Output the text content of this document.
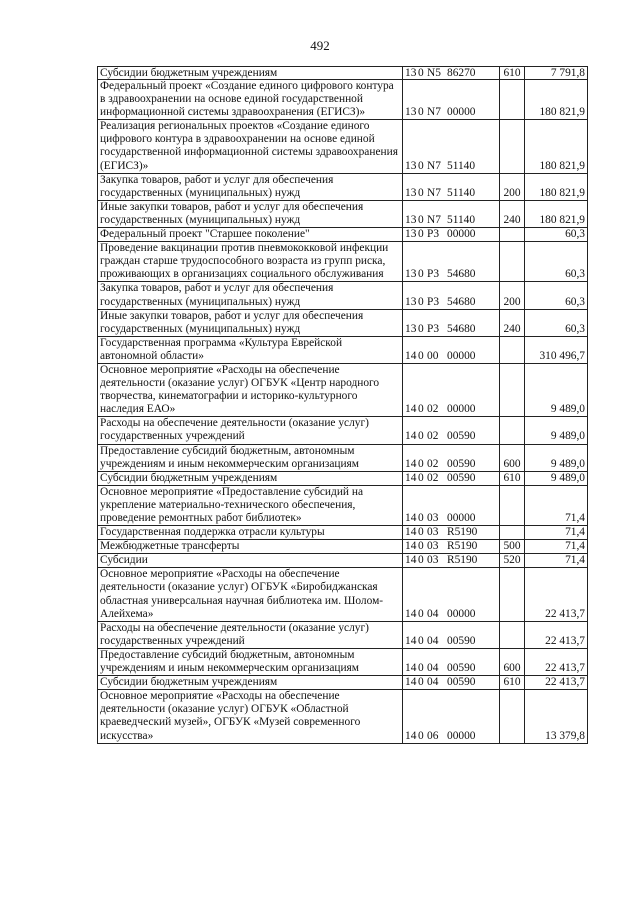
492
Субсидии бюджетным учреждениям	13 0 N5 86270	610	7 791,8
Федеральный проект «Создание единого цифрового контура в здравоохранении на основе единой государственной информационной системы здравоохранения (ЕГИСЗ)»	13 0 N7 00000		180 821,9
Реализация региональных проектов «Создание единого цифрового контура в здравоохранении на основе единой государственной информационной системы здравоохранения (ЕГИСЗ)»	13 0 N7 51140		180 821,9
Закупка товаров, работ и услуг для обеспечения государственных (муниципальных) нужд	13 0 N7 51140	200	180 821,9
Иные закупки товаров, работ и услуг для обеспечения государственных (муниципальных) нужд	13 0 N7 51140	240	180 821,9
Федеральный проект "Старшее поколение"	13 0 P3 00000		60,3
Проведение вакцинации против пневмококковой инфекции граждан старше трудоспособного возраста из групп риска, проживающих в организациях социального обслуживания	13 0 P3 54680		60,3
Закупка товаров, работ и услуг для обеспечения государственных (муниципальных) нужд	13 0 P3 54680	200	60,3
Иные закупки товаров, работ и услуг для обеспечения государственных (муниципальных) нужд	13 0 P3 54680	240	60,3
Государственная программа «Культура Еврейской автономной области»	14 0 00 00000		310 496,7
Основное мероприятие «Расходы на обеспечение деятельности (оказание услуг) ОГБУК «Центр народного творчества, кинематографии и историко-культурного наследия ЕАО»	14 0 02 00000		9 489,0
Расходы на обеспечение деятельности (оказание услуг) государственных учреждений	14 0 02 00590		9 489,0
Предоставление субсидий бюджетным, автономным учреждениям и иным некоммерческим организациям	14 0 02 00590	600	9 489,0
Субсидии бюджетным учреждениям	14 0 02 00590	610	9 489,0
Основное мероприятие «Предоставление субсидий на укрепление материально-технического обеспечения, проведение ремонтных работ библиотек»	14 0 03 00000		71,4
Государственная поддержка отрасли культуры	14 0 03 R5190		71,4
Межбюджетные трансферты	14 0 03 R5190	500	71,4
Субсидии	14 0 03 R5190	520	71,4
Основное мероприятие «Расходы на обеспечение деятельности (оказание услуг) ОГБУК «Биробиджанская областная универсальная научная библиотека им. Шолом-Алейхема»	14 0 04 00000		22 413,7
Расходы на обеспечение деятельности (оказание услуг) государственных учреждений	14 0 04 00590		22 413,7
Предоставление субсидий бюджетным, автономным учреждениям и иным некоммерческим организациям	14 0 04 00590	600	22 413,7
Субсидии бюджетным учреждениям	14 0 04 00590	610	22 413,7
Основное мероприятие «Расходы на обеспечение деятельности (оказание услуг) ОГБУК «Областной краеведческий музей», ОГБУК «Музей современного искусства»	14 0 06 00000		13 379,8
